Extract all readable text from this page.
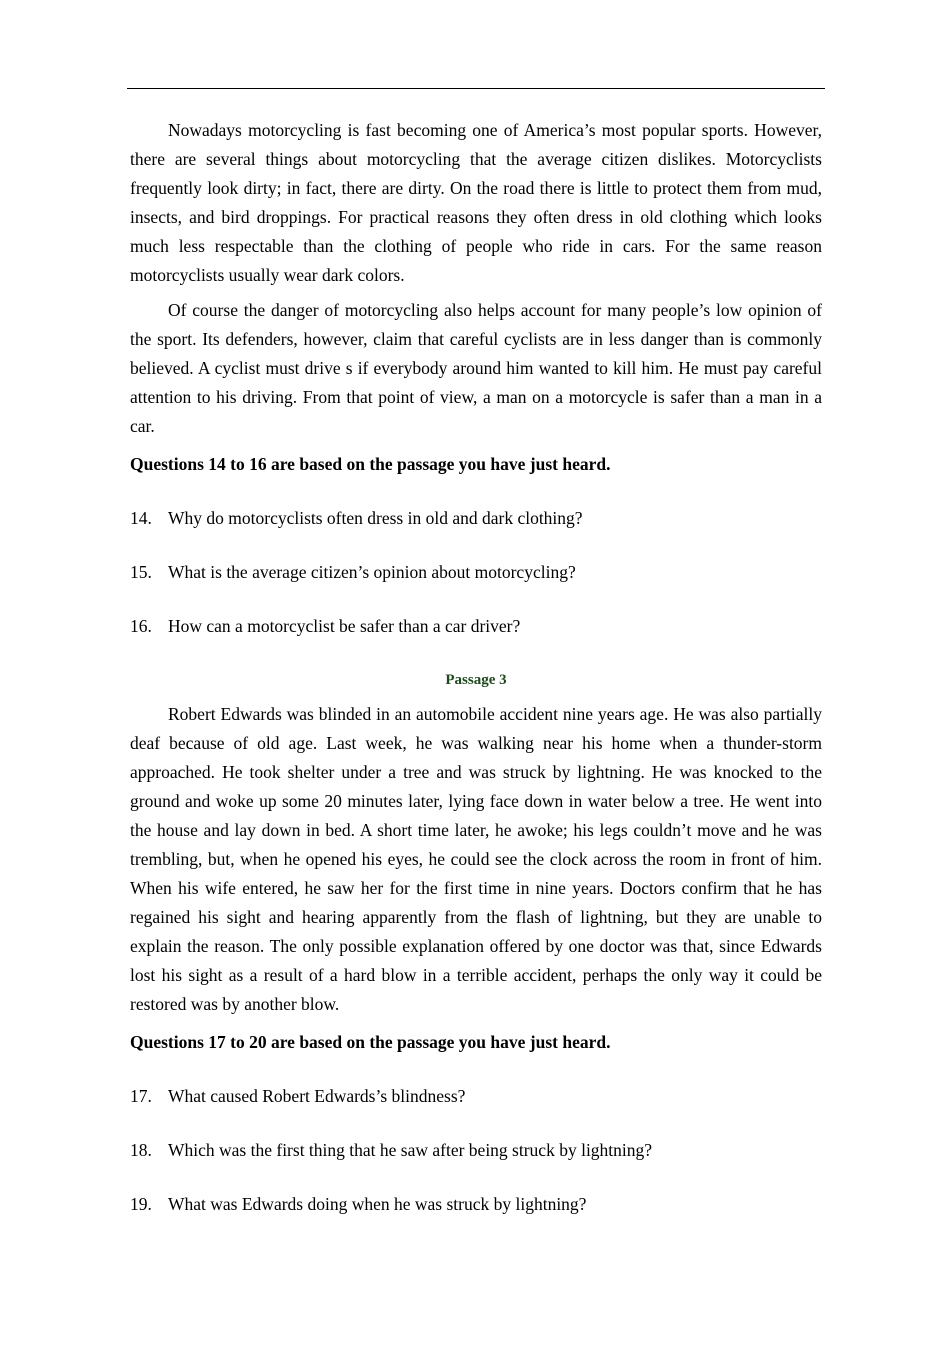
Nowadays motorcycling is fast becoming one of America’s most popular sports. However, there are several things about motorcycling that the average citizen dislikes. Motorcyclists frequently look dirty; in fact, there are dirty. On the road there is little to protect them from mud, insects, and bird droppings. For practical reasons they often dress in old clothing which looks much less respectable than the clothing of people who ride in cars. For the same reason motorcyclists usually wear dark colors.

Of course the danger of motorcycling also helps account for many people’s low opinion of the sport. Its defenders, however, claim that careful cyclists are in less danger than is commonly believed. A cyclist must drive s if everybody around him wanted to kill him. He must pay careful attention to his driving. From that point of view, a man on a motorcycle is safer than a man in a car.

Questions 14 to 16 are based on the passage you have just heard.

14. Why do motorcyclists often dress in old and dark clothing?
15. What is the average citizen’s opinion about motorcycling?
16. How can a motorcyclist be safer than a car driver?

Passage 3

Robert Edwards was blinded in an automobile accident nine years age. He was also partially deaf because of old age. Last week, he was walking near his home when a thunder-storm approached. He took shelter under a tree and was struck by lightning. He was knocked to the ground and woke up some 20 minutes later, lying face down in water below a tree. He went into the house and lay down in bed. A short time later, he awoke; his legs couldn’t move and he was trembling, but, when he opened his eyes, he could see the clock across the room in front of him. When his wife entered, he saw her for the first time in nine years. Doctors confirm that he has regained his sight and hearing apparently from the flash of lightning, but they are unable to explain the reason. The only possible explanation offered by one doctor was that, since Edwards lost his sight as a result of a hard blow in a terrible accident, perhaps the only way it could be restored was by another blow.

Questions 17 to 20 are based on the passage you have just heard.

17. What caused Robert Edwards’s blindness?
18. Which was the first thing that he saw after being struck by lightning?
19. What was Edwards doing when he was struck by lightning?
